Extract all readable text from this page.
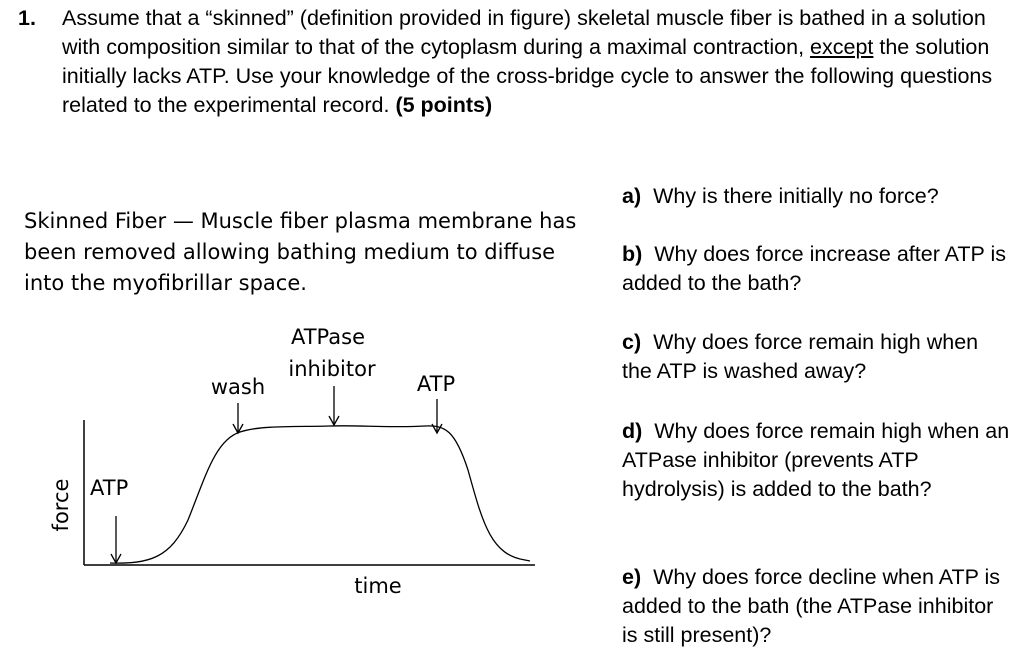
1. Assume that a “skinned” (definition provided in figure) skeletal muscle fiber is bathed in a solution with composition similar to that of the cytoplasm during a maximal contraction, except the solution initially lacks ATP. Use your knowledge of the cross-bridge cycle to answer the following questions related to the experimental record. (5 points)
Skinned Fiber — Muscle fiber plasma membrane has been removed allowing bathing medium to diffuse into the myofibrillar space.
force
time
ATP
wash
ATPase
inhibitor
ATP
a) Why is there initially no force?
b) Why does force increase after ATP is added to the bath?
c) Why does force remain high when the ATP is washed away?
d) Why does force remain high when an ATPase inhibitor (prevents ATP hydrolysis) is added to the bath?
e) Why does force decline when ATP is added to the bath (the ATPase inhibitor is still present)?
